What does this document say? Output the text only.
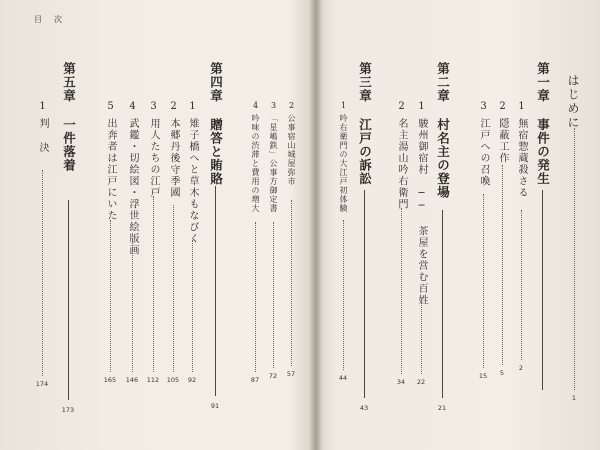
目次
はじめに
1
第一章
事件の発生
1
無宿惣蔵殺さる
2
2
隠蔽工作
5
3
江戸への召喚
15
第二章
村名主の登場
21
1
駿州御宿村 ── 茶屋を営む百姓
22
2
名主湯山吟右衛門
34
第三章
江戸の訴訟
43
1
吟右衛門の大江戸初体験
44
2
公事宿山城屋弥市
57
3
「星嶋鉄」公事方御定書
72
4
吟味の渋滞と費用の増大
87
第四章
贈答と賄賂
91
1
雉子橋へと草木もなびく
92
2
本郷丹後守季國
105
3
用人たちの江戸
112
4
武鑑・切絵図・浮世絵版画
146
5
出奔者は江戸にいた
165
第五章
一件落着
173
1
判 決
174
